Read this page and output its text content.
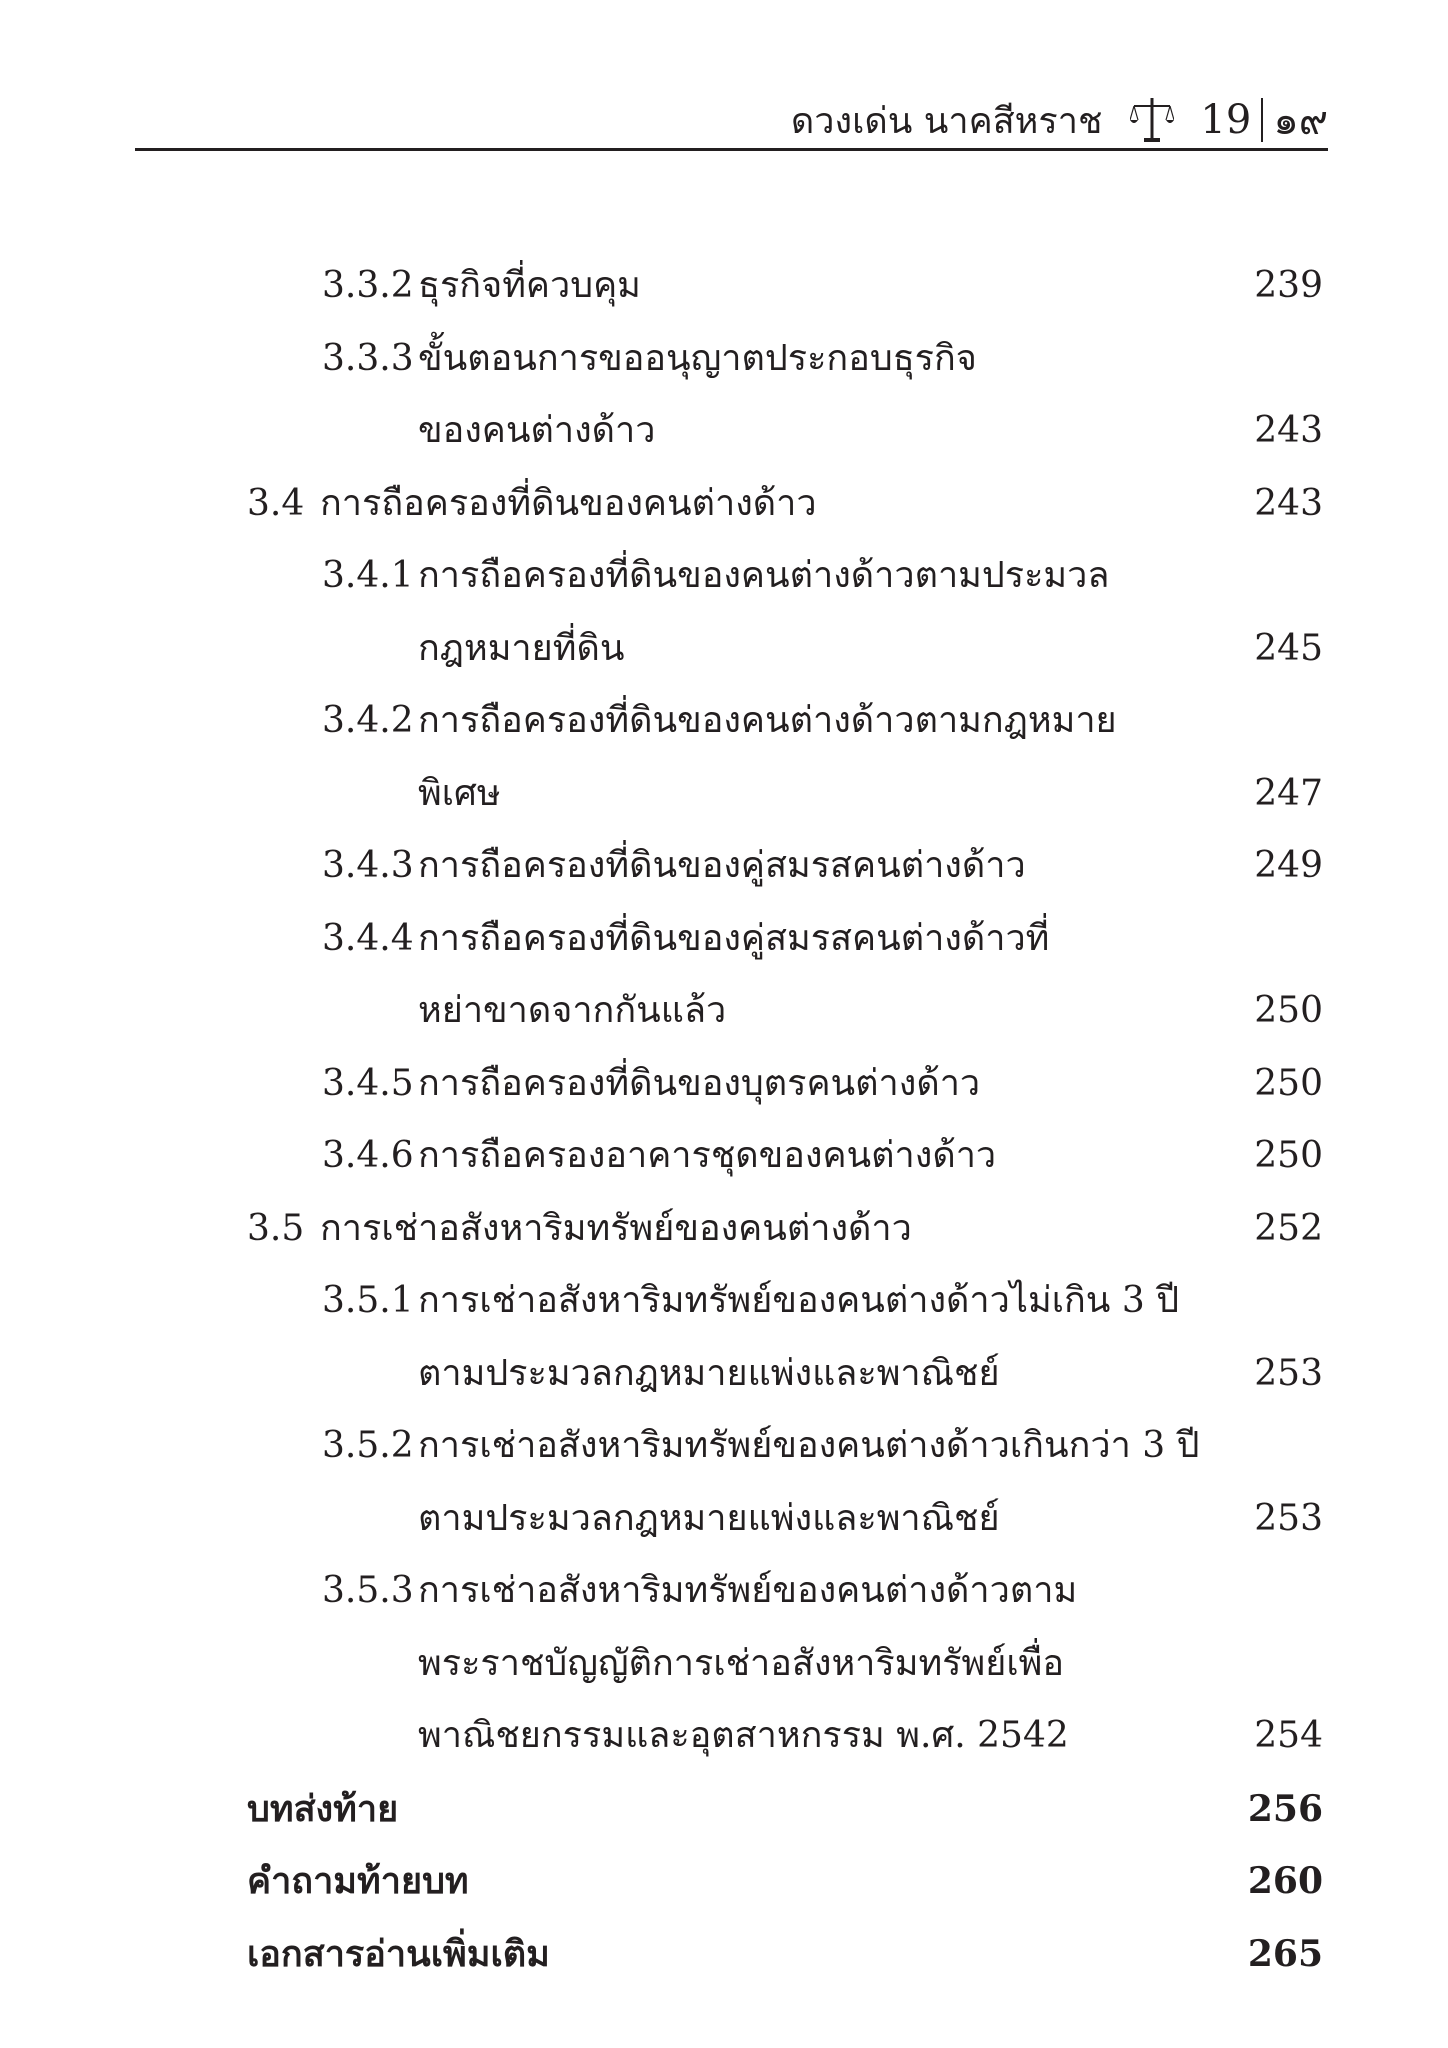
ดวงเด่น นาคสีหราช 19 ๑๙
3.3.2 ธุรกิจที่ควบคุม	239
3.3.3 ขั้นตอนการขออนุญาตประกอบธุรกิจ
ของคนต่างด้าว	243
3.4 การถือครองที่ดินของคนต่างด้าว	243
3.4.1 การถือครองที่ดินของคนต่างด้าวตามประมวล
กฎหมายที่ดิน	245
3.4.2 การถือครองที่ดินของคนต่างด้าวตามกฎหมาย
พิเศษ	247
3.4.3 การถือครองที่ดินของคู่สมรสคนต่างด้าว	249
3.4.4 การถือครองที่ดินของคู่สมรสคนต่างด้าวที่
หย่าขาดจากกันแล้ว	250
3.4.5 การถือครองที่ดินของบุตรคนต่างด้าว	250
3.4.6 การถือครองอาคารชุดของคนต่างด้าว	250
3.5 การเช่าอสังหาริมทรัพย์ของคนต่างด้าว	252
3.5.1 การเช่าอสังหาริมทรัพย์ของคนต่างด้าวไม่เกิน 3 ปี
ตามประมวลกฎหมายแพ่งและพาณิชย์	253
3.5.2 การเช่าอสังหาริมทรัพย์ของคนต่างด้าวเกินกว่า 3 ปี
ตามประมวลกฎหมายแพ่งและพาณิชย์	253
3.5.3 การเช่าอสังหาริมทรัพย์ของคนต่างด้าวตาม
พระราชบัญญัติการเช่าอสังหาริมทรัพย์เพื่อ
พาณิชยกรรมและอุตสาหกรรม พ.ศ. 2542	254
บทส่งท้าย	256
คำถามท้ายบท	260
เอกสารอ่านเพิ่มเติม	265
